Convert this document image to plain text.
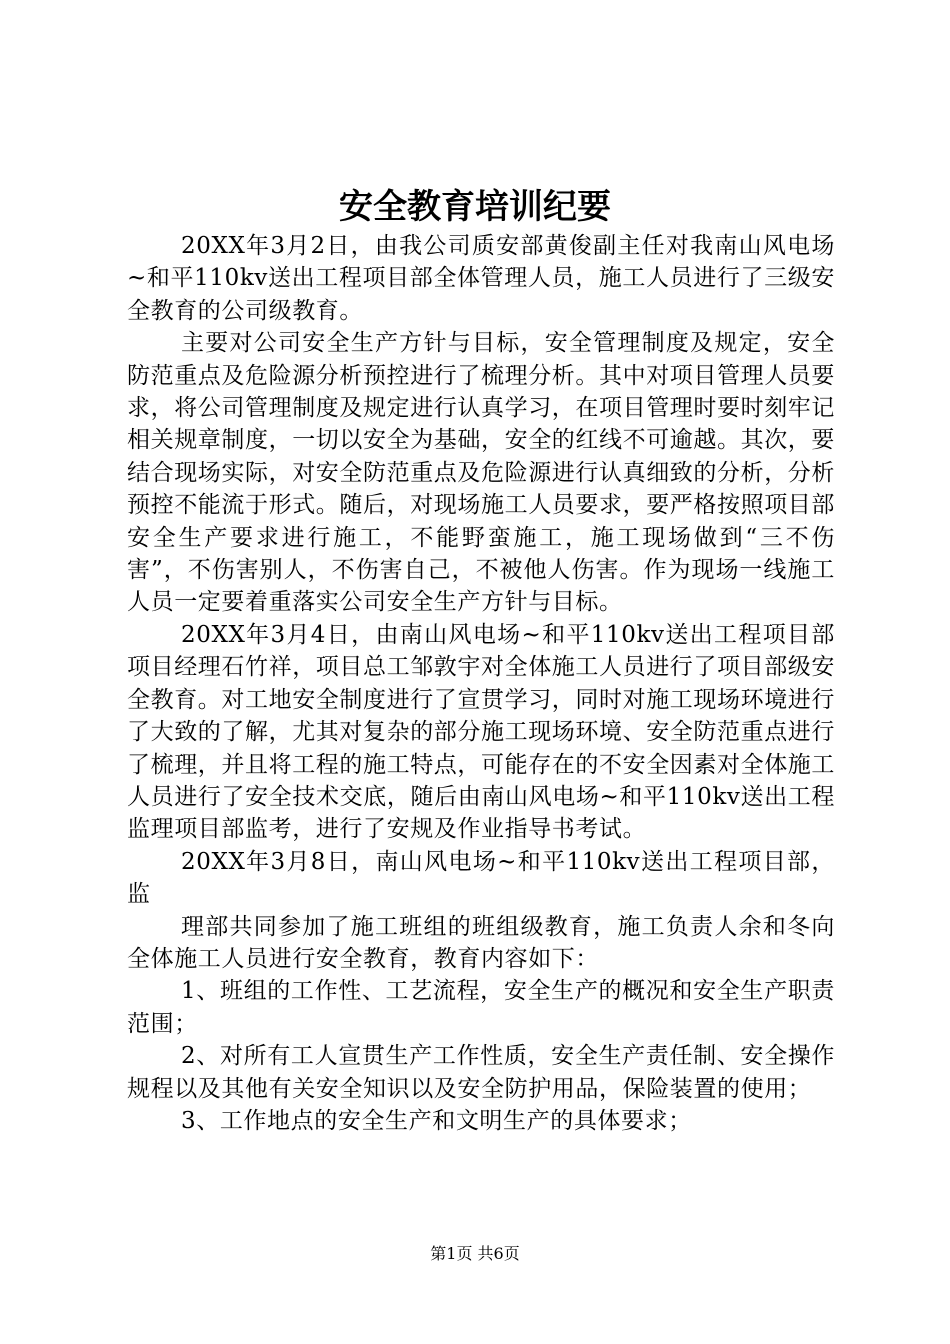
安全教育培训纪要

20XX年3月2日，由我公司质安部黄俊副主任对我南山风电场~和平110kv送出工程项目部全体管理人员，施工人员进行了三级安全教育的公司级教育。

主要对公司安全生产方针与目标，安全管理制度及规定，安全防范重点及危险源分析预控进行了梳理分析。其中对项目管理人员要求，将公司管理制度及规定进行认真学习，在项目管理时要时刻牢记相关规章制度，一切以安全为基础，安全的红线不可逾越。其次，要结合现场实际，对安全防范重点及危险源进行认真细致的分析，分析预控不能流于形式。随后，对现场施工人员要求，要严格按照项目部安全生产要求进行施工，不能野蛮施工，施工现场做到“三不伤害”，不伤害别人，不伤害自己，不被他人伤害。作为现场一线施工人员一定要着重落实公司安全生产方针与目标。

20XX年3月4日，由南山风电场~和平110kv送出工程项目部项目经理石竹祥，项目总工邹敦宇对全体施工人员进行了项目部级安全教育。对工地安全制度进行了宣贯学习，同时对施工现场环境进行了大致的了解，尤其对复杂的部分施工现场环境、安全防范重点进行了梳理，并且将工程的施工特点，可能存在的不安全因素对全体施工人员进行了安全技术交底，随后由南山风电场~和平110kv送出工程监理项目部监考，进行了安规及作业指导书考试。

20XX年3月8日，南山风电场~和平110kv送出工程项目部，监

理部共同参加了施工班组的班组级教育，施工负责人余和冬向全体施工人员进行安全教育，教育内容如下：

1、班组的工作性、工艺流程，安全生产的概况和安全生产职责范围；

2、对所有工人宣贯生产工作性质，安全生产责任制、安全操作规程以及其他有关安全知识以及安全防护用品，保险装置的使用；

3、工作地点的安全生产和文明生产的具体要求；

第1页 共6页
